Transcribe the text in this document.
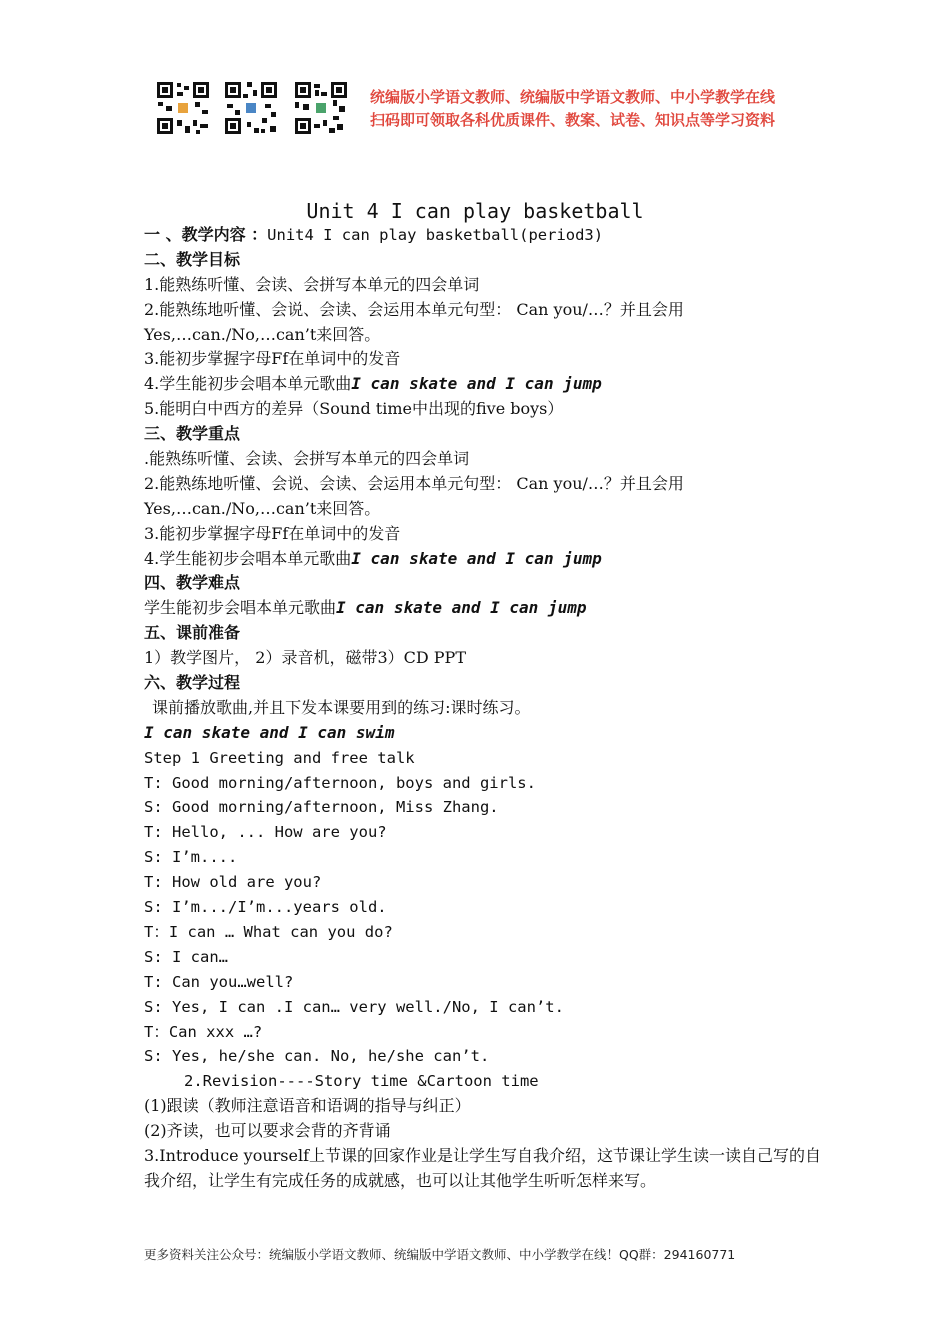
统编版小学语文教师、统编版中学语文教师、中小学教学在线
扫码即可领取各科优质课件、教案、试卷、知识点等学习资料
Unit 4 I can play basketball
一 、教学内容 ：Unit4 I can play basketball(period3)
二、教学目标
1.能熟练听懂、会读、会拼写本单元的四会单词
2.能熟练地听懂、会说、会读、会运用本单元句型： Can you/…？并且会用
Yes,…can./No,…can’t来回答。
3.能初步掌握字母Ff在单词中的发音
4.学生能初步会唱本单元歌曲I can skate and I can jump
5.能明白中西方的差异（Sound time中出现的five boys）
三、教学重点
.能熟练听懂、会读、会拼写本单元的四会单词
2.能熟练地听懂、会说、会读、会运用本单元句型： Can you/…？并且会用
Yes,…can./No,…can’t来回答。
3.能初步掌握字母Ff在单词中的发音
4.学生能初步会唱本单元歌曲I can skate and I can jump
四、教学难点
学生能初步会唱本单元歌曲I can skate and I can jump
五、课前准备
1）教学图片， 2）录音机，磁带3）CD PPT
六、教学过程
课前播放歌曲,并且下发本课要用到的练习:课时练习。
I can skate and I can swim
Step 1 Greeting and free talk
T: Good morning/afternoon, boys and girls.
S: Good morning/afternoon, Miss Zhang.
T: Hello, ... How are you?
S: I’m....
T: How old are you?
S: I’m.../I’m...years old.
T：I can … What can you do?
S: I can…
T: Can you…well?
S: Yes, I can .I can… very well./No, I can’t.
T：Can xxx …?
S: Yes, he/she can. No, he/she can’t.
2.Revision----Story time &Cartoon time
(1)跟读（教师注意语音和语调的指导与纠正）
(2)齐读，也可以要求会背的齐背诵
3.Introduce yourself上节课的回家作业是让学生写自我介绍，这节课让学生读一读自己写的自我介绍，让学生有完成任务的成就感，也可以让其他学生听听怎样来写。
更多资料关注公众号：统编版小学语文教师、统编版中学语文教师、中小学教学在线！QQ群：294160771
